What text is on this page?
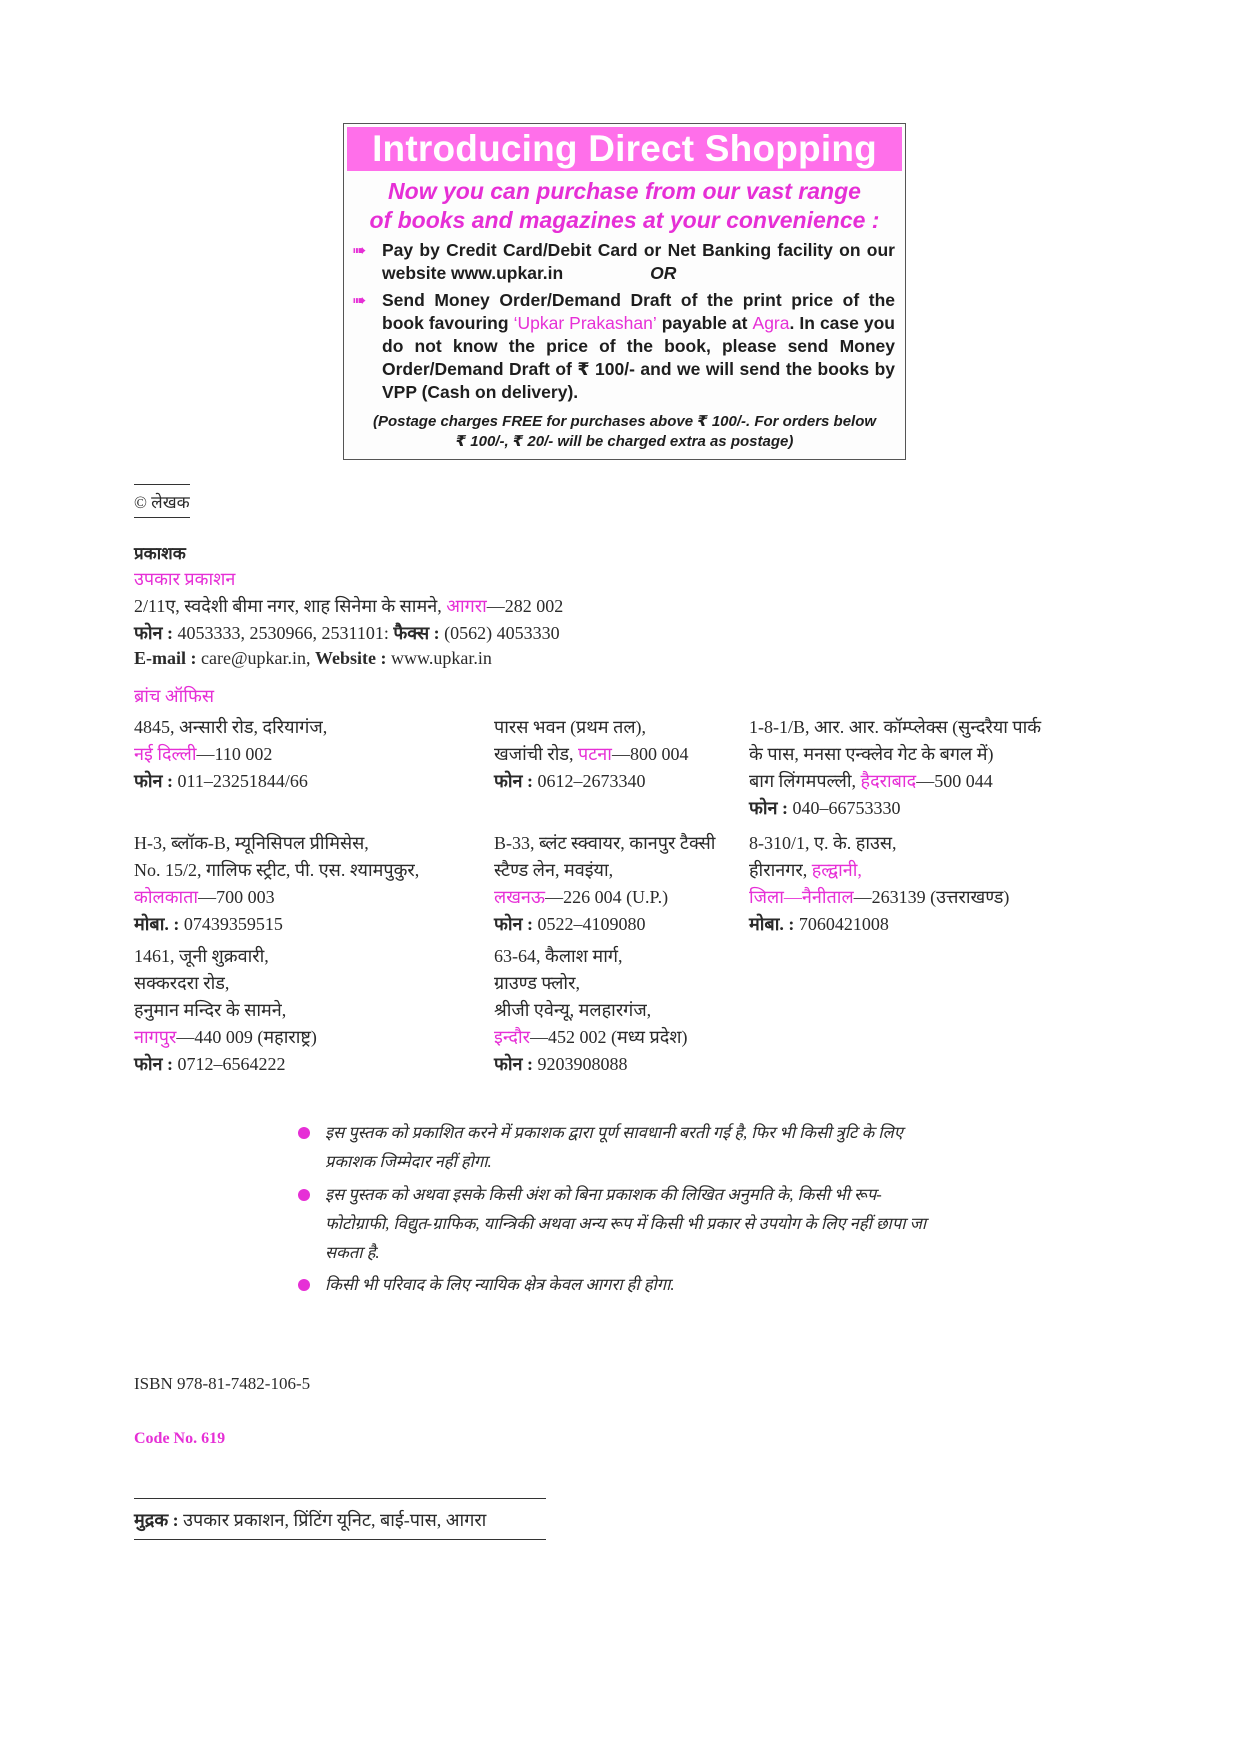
Introducing Direct Shopping
Now you can purchase from our vast range
of books and magazines at your convenience :
➠ Pay by Credit Card/Debit Card or Net Banking facility on our website www.upkar.in	OR
➠ Send Money Order/Demand Draft of the print price of the book favouring ‘Upkar Prakashan’ payable at Agra. In case you do not know the price of the book, please send Money Order/Demand Draft of ₹ 100/- and we will send the books by VPP (Cash on delivery).
(Postage charges FREE for purchases above ₹ 100/-. For orders below
₹ 100/-, ₹ 20/- will be charged extra as postage)
© लेखक
प्रकाशक
उपकार प्रकाशन
2/11ए, स्वदेशी बीमा नगर, शाह सिनेमा के सामने, आगरा—282 002
फोन : 4053333, 2530966, 2531101: फैक्स : (0562) 4053330
E-mail : care@upkar.in, Website : www.upkar.in
ब्रांच ऑफिस
4845, अन्सारी रोड, दरियागंज,
नई दिल्ली—110 002
फोन : 011–23251844/66
पारस भवन (प्रथम तल),
खजांची रोड, पटना—800 004
फोन : 0612–2673340
1-8-1/B, आर. आर. कॉम्प्लेक्स (सुन्दरैया पार्क
के पास, मनसा एन्क्लेव गेट के बगल में)
बाग लिंगमपल्ली, हैदराबाद—500 044
फोन : 040–66753330
H-3, ब्लॉक-B, म्यूनिसिपल प्रीमिसेस,
No. 15/2, गालिफ स्ट्रीट, पी. एस. श्यामपुकुर,
कोलकाता—700 003
मोबा. : 07439359515
B-33, ब्लंट स्क्वायर, कानपुर टैक्सी
स्टैण्ड लेन, मवइंया,
लखनऊ—226 004 (U.P.)
फोन : 0522–4109080
8-310/1, ए. के. हाउस,
हीरानगर, हल्द्वानी,
जिला—नैनीताल—263139 (उत्तराखण्ड)
मोबा. : 7060421008
1461, जूनी शुक्रवारी,
सक्करदरा रोड,
हनुमान मन्दिर के सामने,
नागपुर—440 009 (महाराष्ट्र)
फोन : 0712–6564222
63-64, कैलाश मार्ग,
ग्राउण्ड फ्लोर,
श्रीजी एवेन्यू, मलहारगंज,
इन्दौर—452 002 (मध्य प्रदेश)
फोन : 9203908088
इस पुस्तक को प्रकाशित करने में प्रकाशक द्वारा पूर्ण सावधानी बरती गई है, फिर भी किसी त्रुटि के लिए प्रकाशक जिम्मेदार नहीं होगा.
इस पुस्तक को अथवा इसके किसी अंश को बिना प्रकाशक की लिखित अनुमति के, किसी भी रूप-फोटोग्राफी, विद्युत-ग्राफिक, यान्त्रिकी अथवा अन्य रूप में किसी भी प्रकार से उपयोग के लिए नहीं छापा जा सकता है.
किसी भी परिवाद के लिए न्यायिक क्षेत्र केवल आगरा ही होगा.
ISBN 978-81-7482-106-5
Code No. 619
मुद्रक : उपकार प्रकाशन, प्रिंटिंग यूनिट, बाई-पास, आगरा
